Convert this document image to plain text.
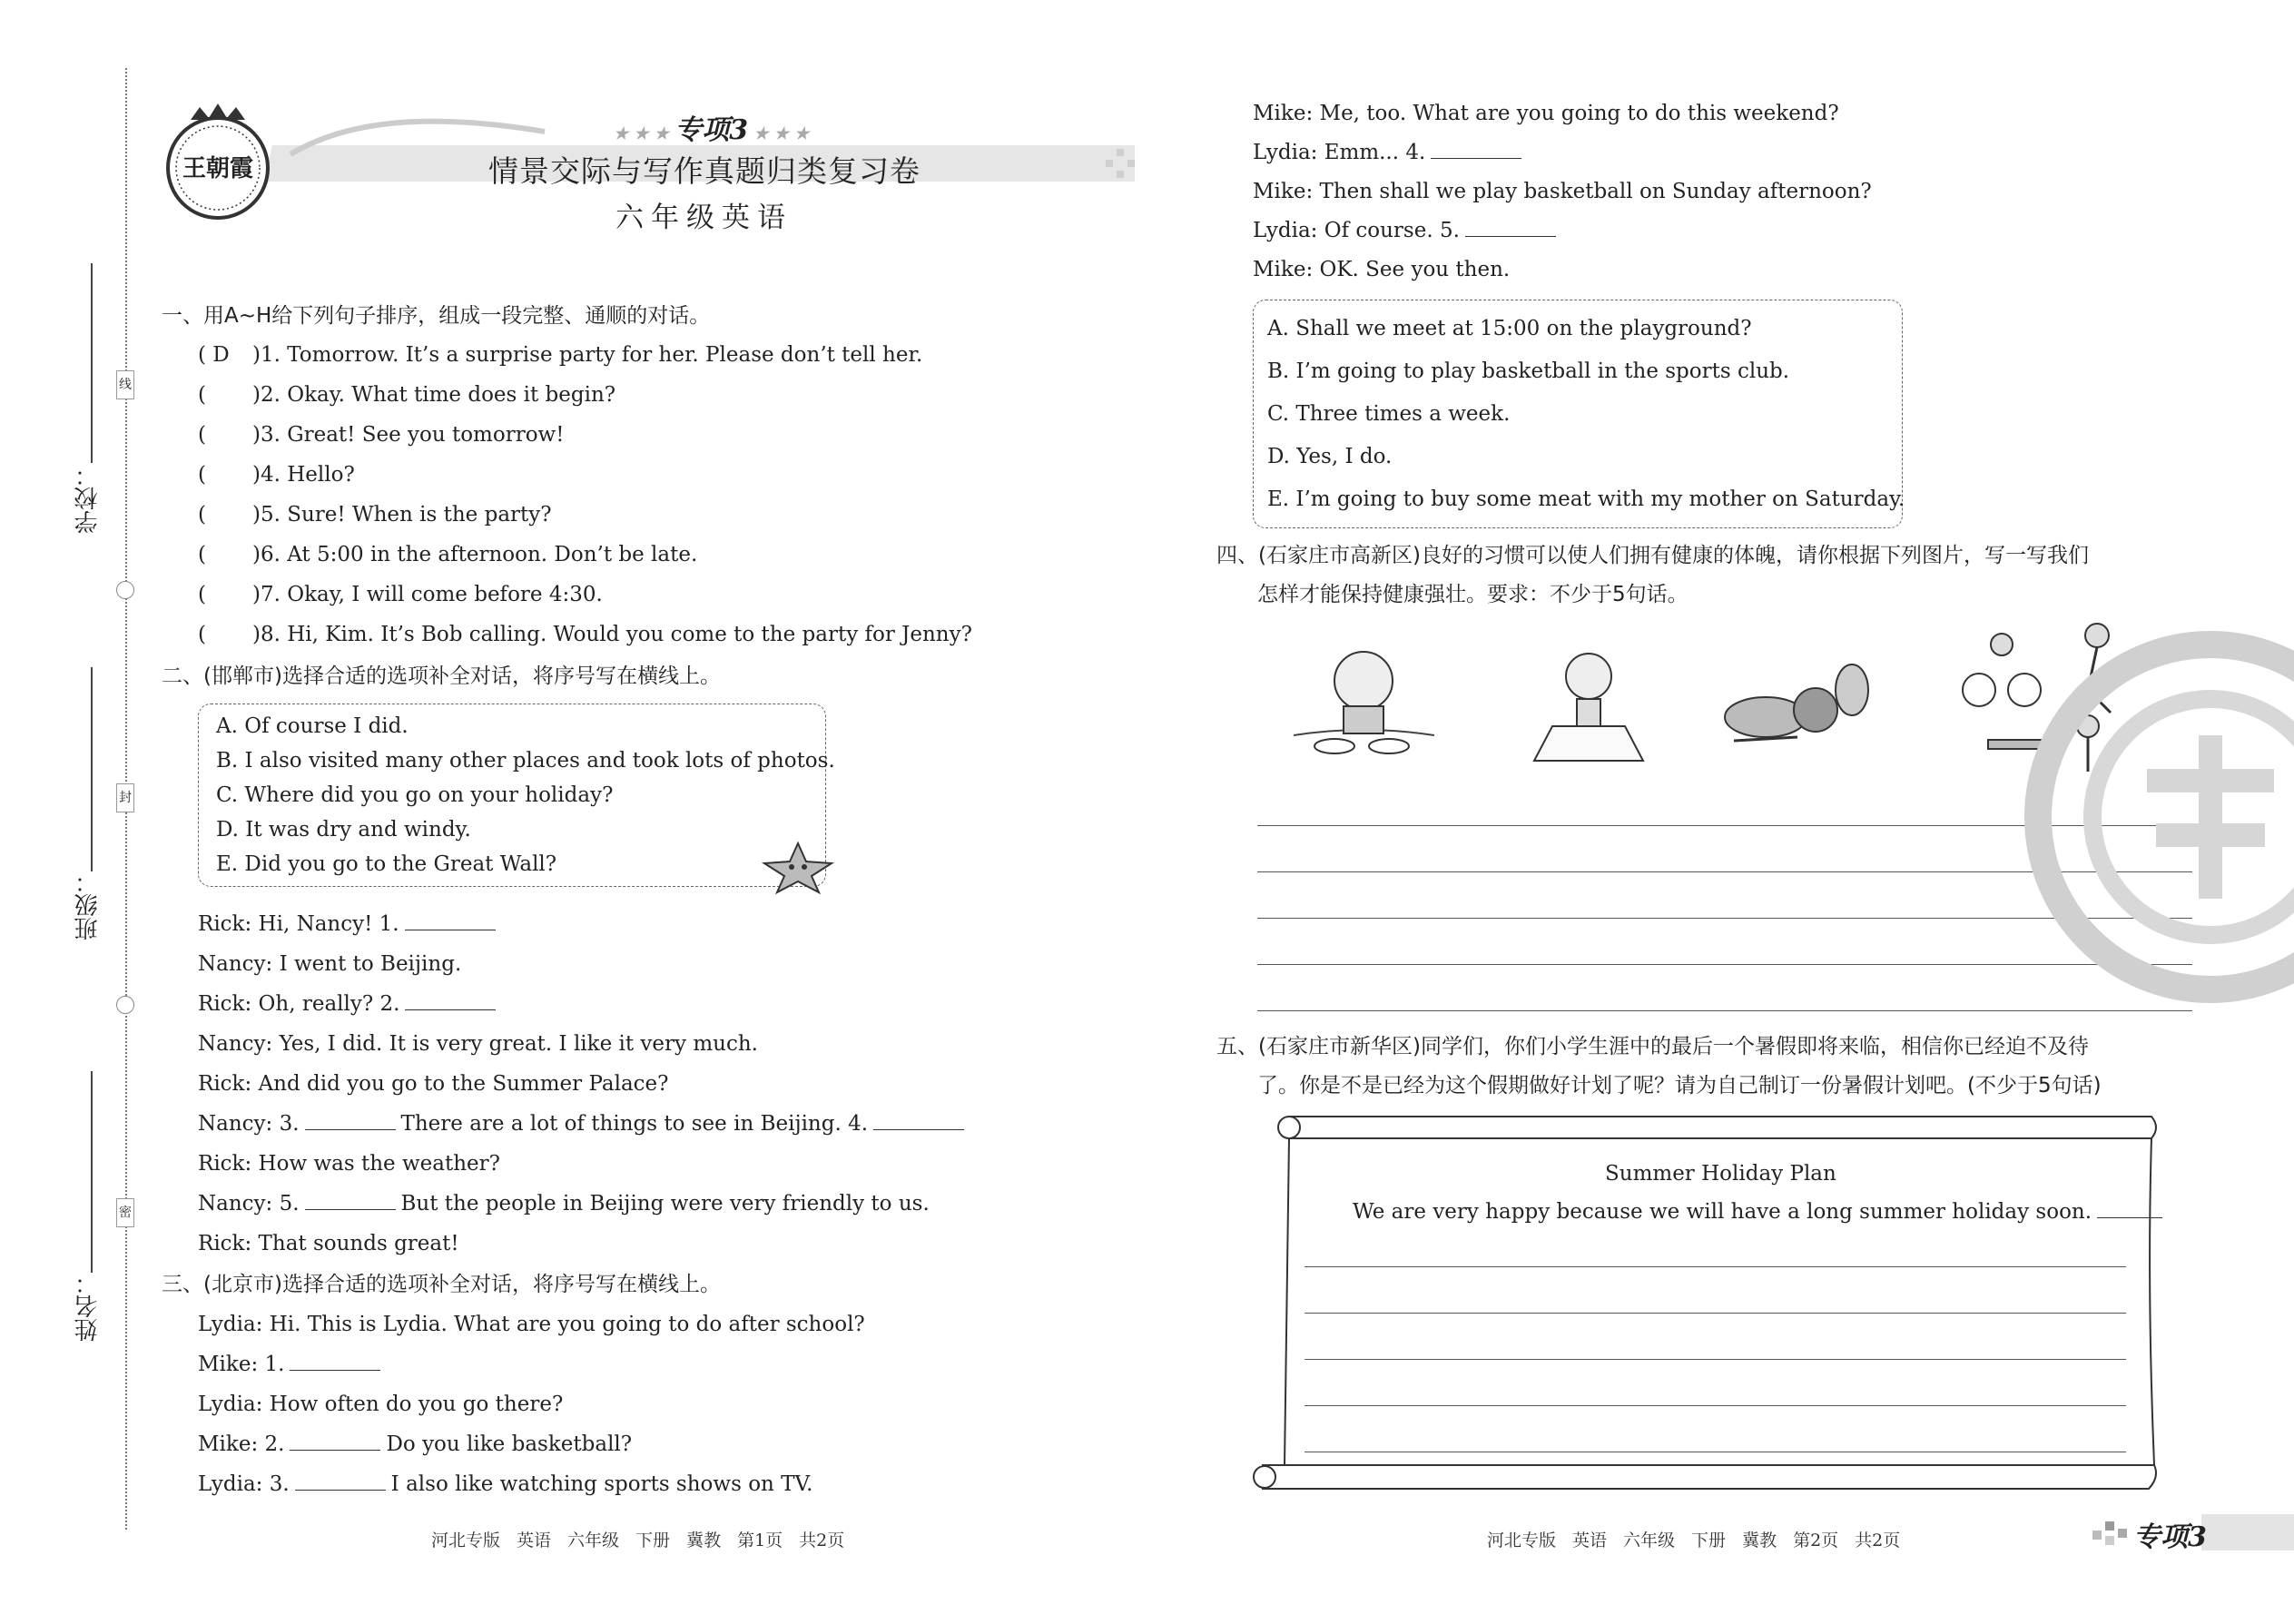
线
封
密
学校：
班级：
姓名：
王朝霞
★ ★ ★ 专项3 ★ ★ ★
情景交际与写作真题归类复习卷
六年级英语
一、用A~H给下列句子排序，组成一段完整、通顺的对话。
( D)1. Tomorrow. It’s a surprise party for her. Please don’t tell her.
()2. Okay. What time does it begin?
()3. Great! See you tomorrow!
()4. Hello?
()5. Sure! When is the party?
()6. At 5:00 in the afternoon. Don’t be late.
()7. Okay, I will come before 4:30.
()8. Hi, Kim. It’s Bob calling. Would you come to the party for Jenny?
二、(邯郸市)选择合适的选项补全对话，将序号写在横线上。
A. Of course I did.
B. I also visited many other places and took lots of photos.
C. Where did you go on your holiday?
D. It was dry and windy.
E. Did you go to the Great Wall?
Rick: Hi, Nancy! 1.
Nancy: I went to Beijing.
Rick: Oh, really? 2.
Nancy: Yes, I did. It is very great. I like it very much.
Rick: And did you go to the Summer Palace?
Nancy: 3.	There are a lot of things to see in Beijing. 4.
Rick: How was the weather?
Nancy: 5.	But the people in Beijing were very friendly to us.
Rick: That sounds great!
三、(北京市)选择合适的选项补全对话，将序号写在横线上。
Lydia: Hi. This is Lydia. What are you going to do after school?
Mike: 1.
Lydia: How often do you go there?
Mike: 2.	Do you like basketball?
Lydia: 3.	I also like watching sports shows on TV.
Mike: Me, too. What are you going to do this weekend?
Lydia: Emm... 4.
Mike: Then shall we play basketball on Sunday afternoon?
Lydia: Of course. 5.
Mike: OK. See you then.
A. Shall we meet at 15:00 on the playground?
B. I’m going to play basketball in the sports club.
C. Three times a week.
D. Yes, I do.
E. I’m going to buy some meat with my mother on Saturday.
四、(石家庄市高新区)良好的习惯可以使人们拥有健康的体魄，请你根据下列图片，写一写我们
怎样才能保持健康强壮。要求：不少于5句话。
五、(石家庄市新华区)同学们，你们小学生涯中的最后一个暑假即将来临，相信你已经迫不及待
了。你是不是已经为这个假期做好计划了呢？请为自己制订一份暑假计划吧。(不少于5句话)
Summer Holiday Plan
We are very happy because we will have a long summer holiday soon.
河北专版 英语 六年级 下册 冀教 第1页 共2页	河北专版 英语 六年级 下册 冀教 第2页 共2页	专项3
